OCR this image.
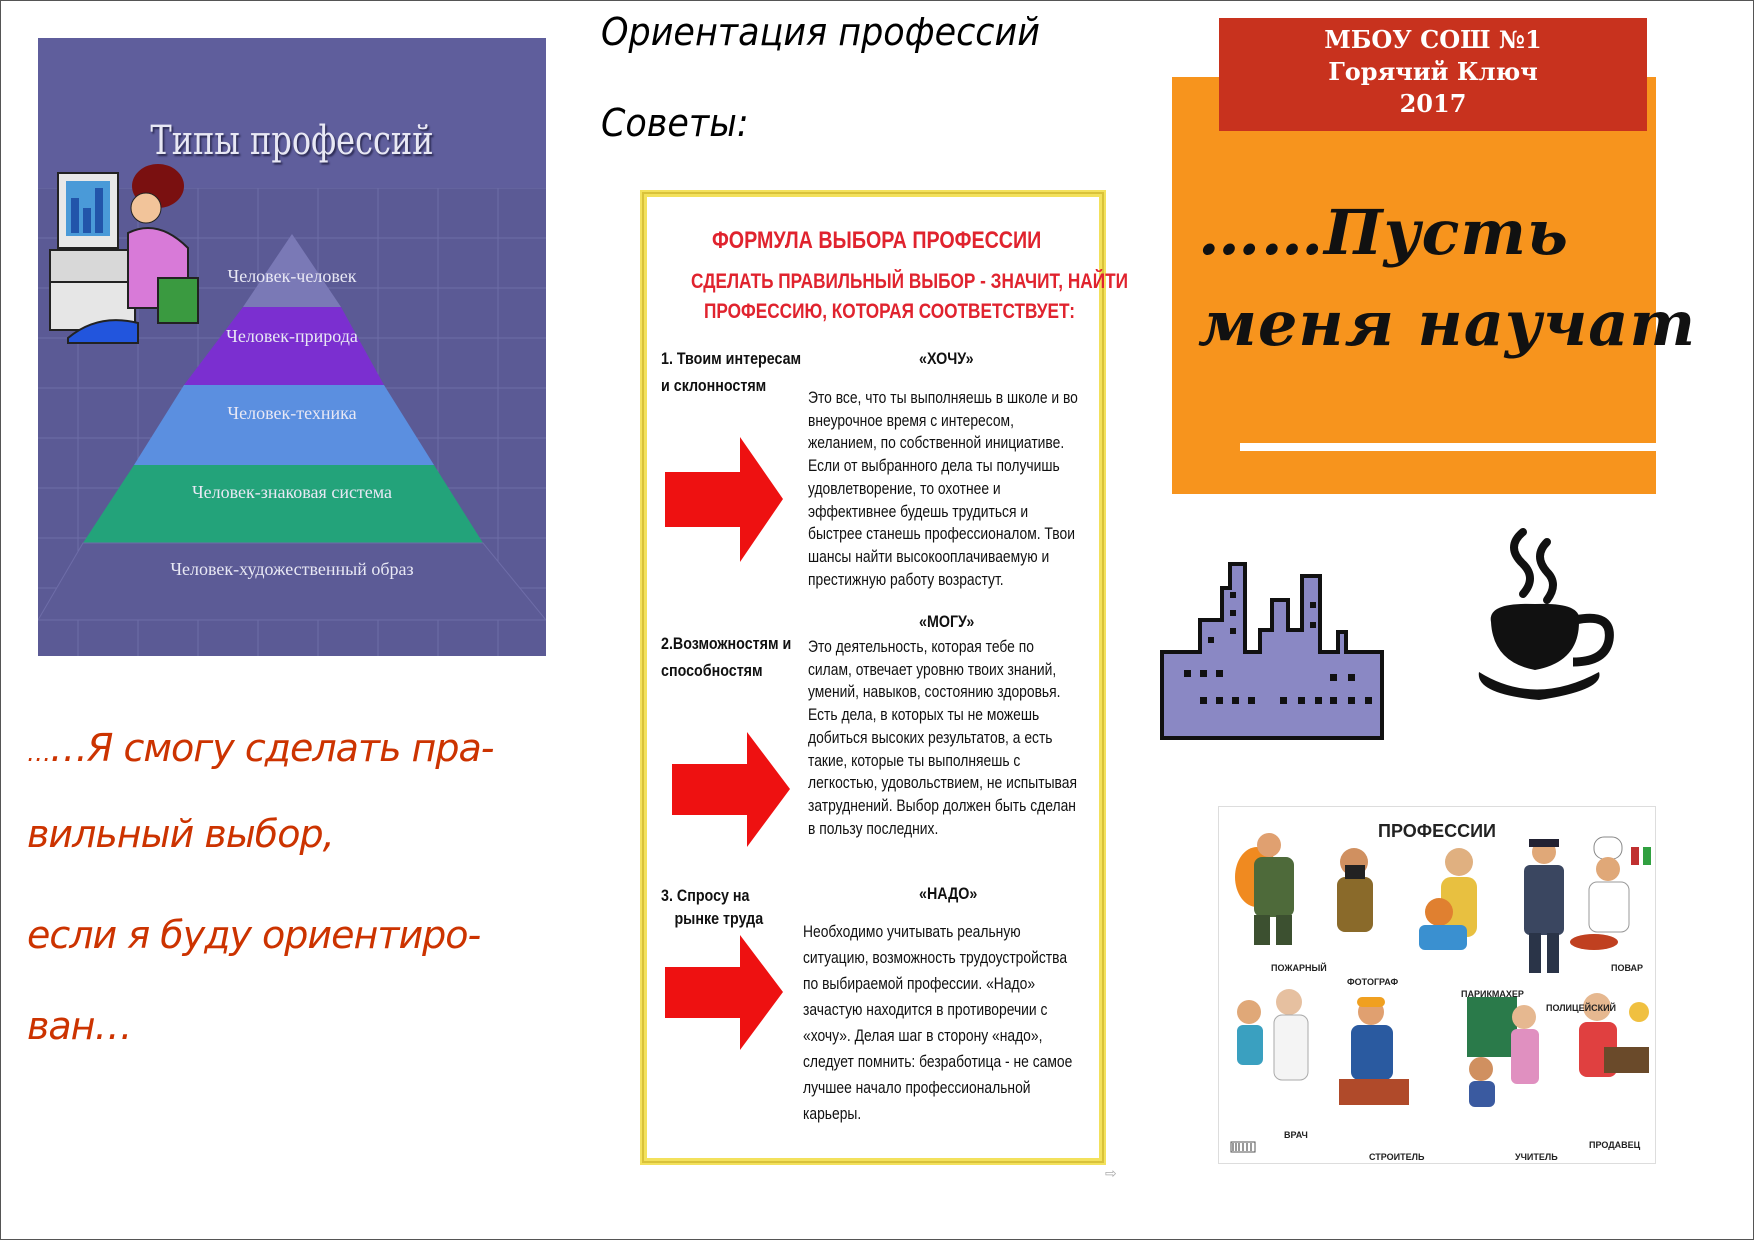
Типы профессий
Человек-человек
Человек-природа
Человек-техника
Человек-знаковая система
Человек-художественный образ
Ориентация профессий
Советы:
ФОРМУЛА ВЫБОРА ПРОФЕССИИ
СДЕЛАТЬ ПРАВИЛЬНЫЙ ВЫБОР - ЗНАЧИТ, НАЙТИ
ПРОФЕССИЮ, КОТОРАЯ СООТВЕТСТВУЕТ:
1. Твоим интересам
и склонностям
«ХОЧУ»

Это все, что ты выполняешь в школе и во внеурочное время с интересом, желанием, по собственной инициативе. Если от выбранного дела ты получишь удовлетворение, то охотнее и эффективнее будешь трудиться и быстрее станешь профессионалом. Твои шансы найти высокооплачиваемую и престижную работу возрастут.

2.Возможностям и
способностям
«МОГУ»

Это деятельность, которая тебе по силам, отвечает уровню твоих знаний, умений, навыков, состоянию здоровья.

Есть дела, в которых ты не можешь добиться высоких результатов, а есть такие, которые ты выполняешь с легкостью, удовольствием, не испытывая затруднений. Выбор должен быть сделан в пользу последних.

3. Спросу на
рынке труда
«НАДО»

Необходимо учитывать реальную ситуацию, возможность трудоустройства по выбираемой профессии. «Надо» зачастую находится в противоречии с «хочу». Делая шаг в сторону «надо», следует помнить: безработица - не самое лучшее начало профессиональной карьеры.

⇨
……Я смогу сделать пра-
вильный выбор,
если я буду ориентиро-
ван…
МБОУ СОШ №1
Горячий Ключ
2017
……Пусть
меня научат
ПРОФЕССИИ
ПОЖАРНЫЙ
ФОТОГРАФ
ПАРИКМАХЕР
ПОЛИЦЕЙСКИЙ
ПОВАР
ВРАЧ
СТРОИТЕЛЬ	УЧИТЕЛЬ
ПРОДАВЕЦ
